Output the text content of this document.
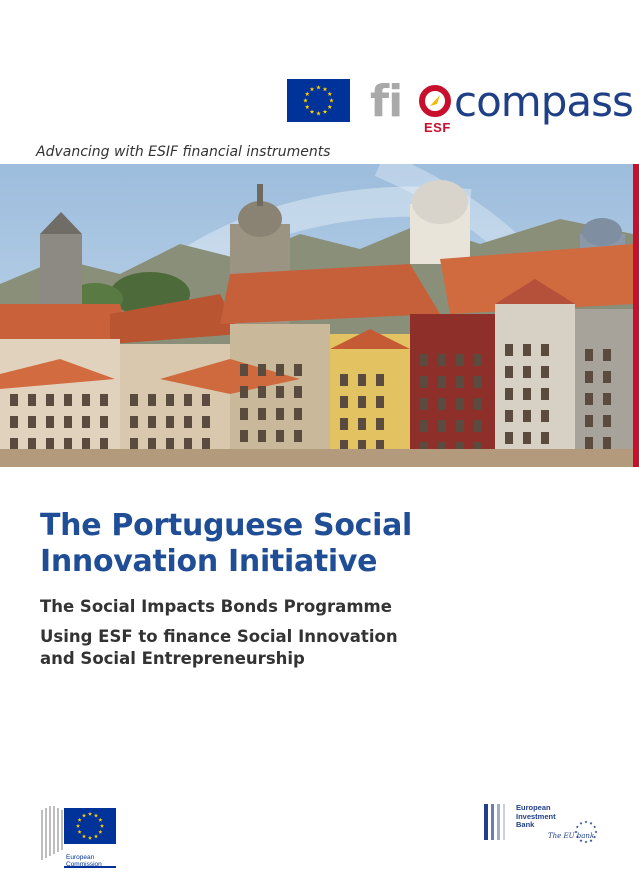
fi compass
ESF
Advancing with ESIF financial instruments
The Portuguese Social
Innovation Initiative

The Social Impacts Bonds Programme

Using ESF to finance Social Innovation
and Social Entrepreneurship

European
Commission
European
Investment
Bank
The EU bank
